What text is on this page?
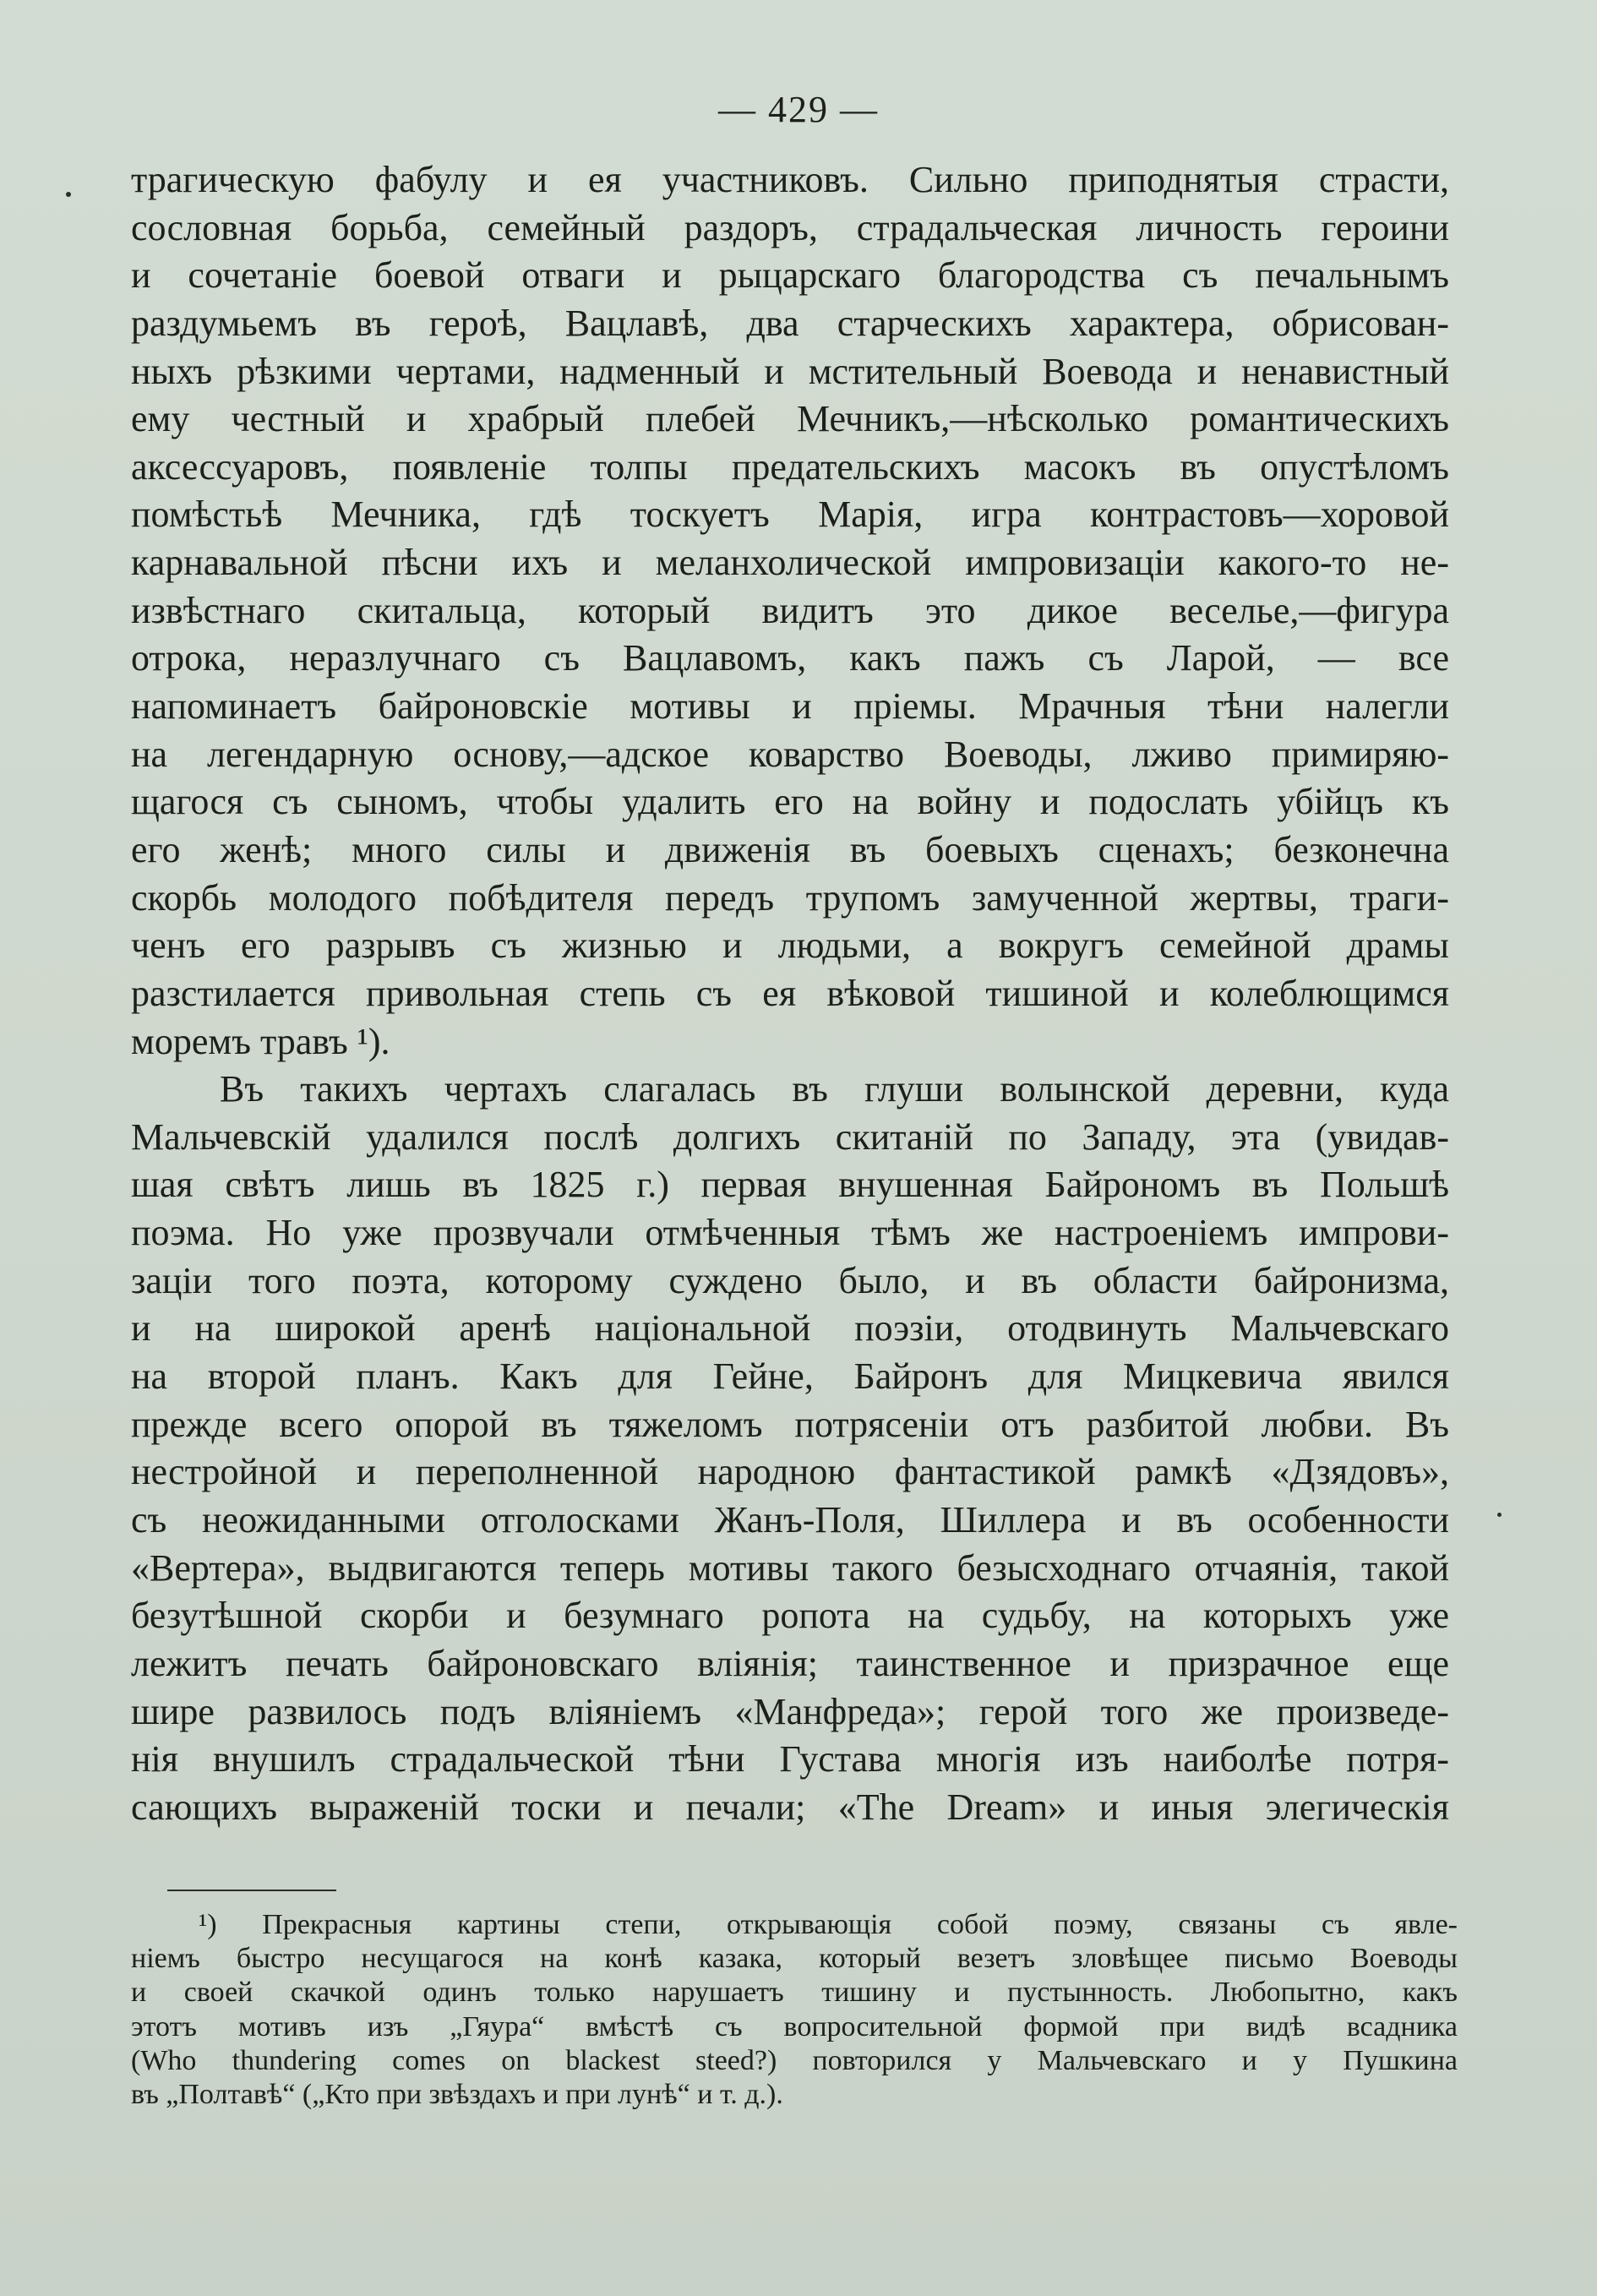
— 429 —
трагическую фабулу и ея участниковъ. Сильно приподнятыя страсти,
сословная борьба, семейный раздоръ, страдальческая личность героини
и сочетаніе боевой отваги и рыцарскаго благородства съ печальнымъ
раздумьемъ въ героѣ, Вацлавѣ, два старческихъ характера, обрисован-
ныхъ рѣзкими чертами, надменный и мстительный Воевода и ненавистный
ему честный и храбрый плебей Мечникъ,—нѣсколько романтическихъ
аксессуаровъ, появленіе толпы предательскихъ масокъ въ опустѣломъ
помѣстьѣ Мечника, гдѣ тоскуетъ Марія, игра контрастовъ—хоровой
карнавальной пѣсни ихъ и меланхолической импровизаціи какого-то не-
извѣстнаго скитальца, который видитъ это дикое веселье,—фигура
отрока, неразлучнаго съ Вацлавомъ, какъ пажъ съ Ларой, — все
напоминаетъ байроновскіе мотивы и пріемы. Мрачныя тѣни налегли
на легендарную основу,—адское коварство Воеводы, лживо примиряю-
щагося съ сыномъ, чтобы удалить его на войну и подослать убійцъ къ
его женѣ; много силы и движенія въ боевыхъ сценахъ; безконечна
скорбь молодого побѣдителя передъ трупомъ замученной жертвы, траги-
ченъ его разрывъ съ жизнью и людьми, а вокругъ семейной драмы
разстилается привольная степь съ ея вѣковой тишиной и колеблющимся
моремъ травъ ¹).
Въ такихъ чертахъ слагалась въ глуши волынской деревни, куда
Мальчевскій удалился послѣ долгихъ скитаній по Западу, эта (увидав-
шая свѣтъ лишь въ 1825 г.) первая внушенная Байрономъ въ Польшѣ
поэма. Но уже прозвучали отмѣченныя тѣмъ же настроеніемъ импрови-
заціи того поэта, которому суждено было, и въ области байронизма,
и на широкой аренѣ національной поэзіи, отодвинуть Мальчевскаго
на второй планъ. Какъ для Гейне, Байронъ для Мицкевича явился
прежде всего опорой въ тяжеломъ потрясеніи отъ разбитой любви. Въ
нестройной и переполненной народною фантастикой рамкѣ «Дзядовъ»,
съ неожиданными отголосками Жанъ-Поля, Шиллера и въ особенности
«Вертера», выдвигаются теперь мотивы такого безысходнаго отчаянія, такой
безутѣшной скорби и безумнаго ропота на судьбу, на которыхъ уже
лежитъ печать байроновскаго вліянія; таинственное и призрачное еще
шире развилось подъ вліяніемъ «Манфреда»; герой того же произведе-
нія внушилъ страдальческой тѣни Густава многія изъ наиболѣе потря-
сающихъ выраженій тоски и печали; «The Dream» и иныя элегическія
¹) Прекрасныя картины степи, открывающія собой поэму, связаны съ явле-
ніемъ быстро несущагося на конѣ казака, который везетъ зловѣщее письмо Воеводы
и своей скачкой одинъ только нарушаетъ тишину и пустынность. Любопытно, какъ
этотъ мотивъ изъ „Гяура“ вмѣстѣ съ вопросительной формой при видѣ всадника
(Who thundering comes on blackest steed?) повторился у Мальчевскаго и у Пушкина
въ „Полтавѣ“ („Кто при звѣздахъ и при лунѣ“ и т. д.).
